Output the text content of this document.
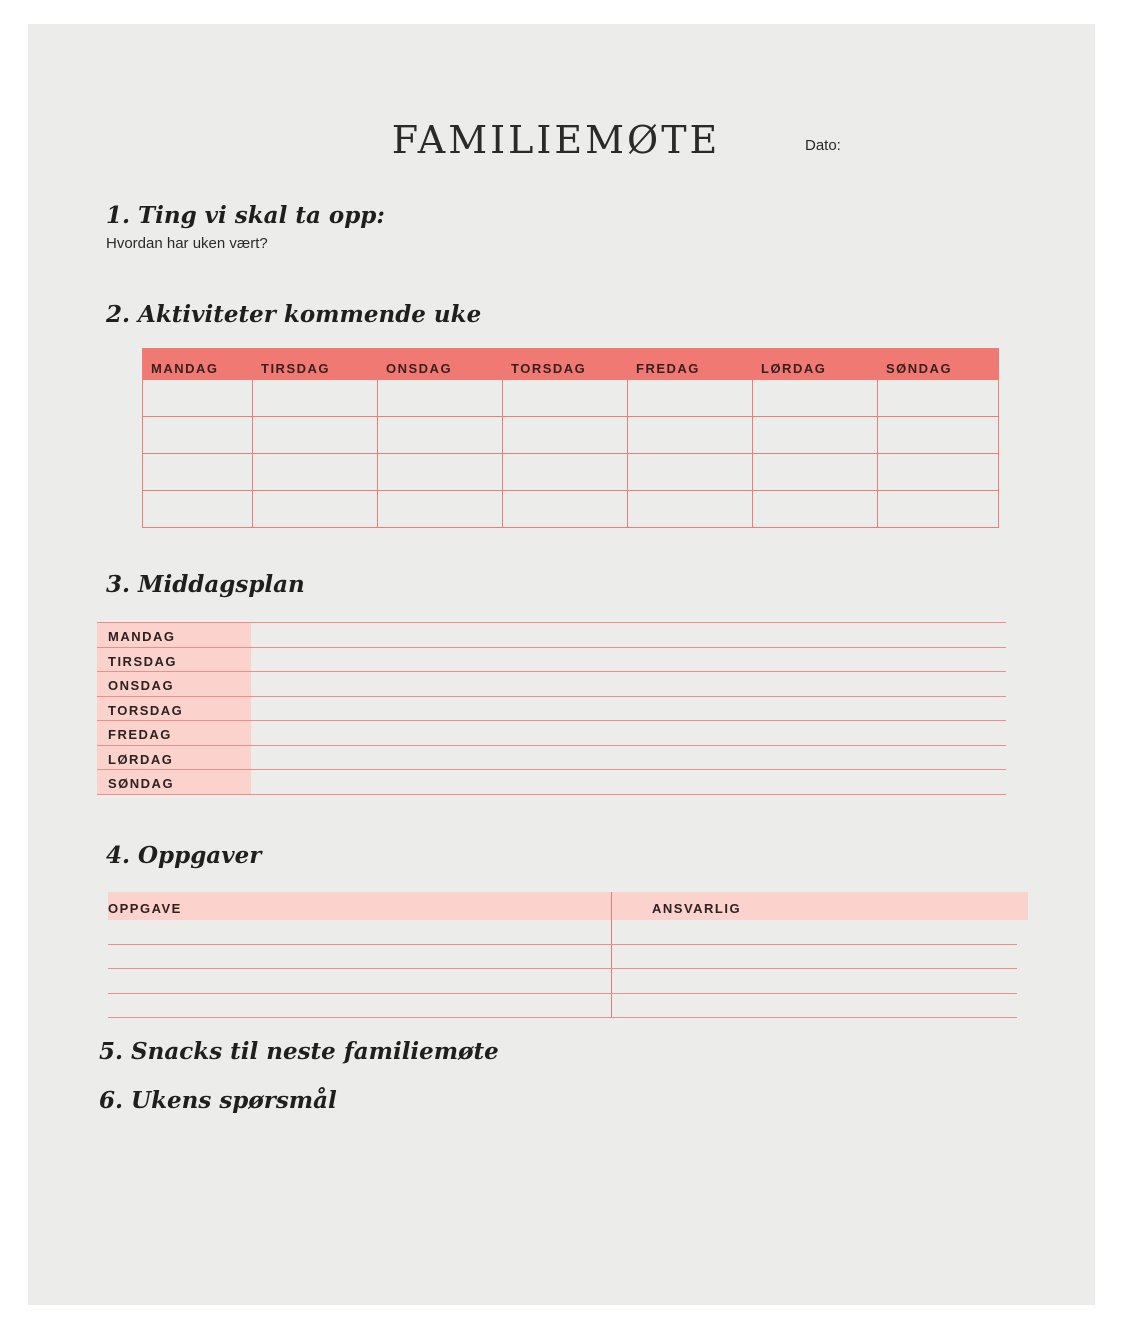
FAMILIEMØTE	Dato:
1. Ting vi skal ta opp:
Hvordan har uken vært?
2. Aktiviteter kommende uke
MANDAG	TIRSDAG	ONSDAG	TORSDAG	FREDAG	LØRDAG	SØNDAG

3. Middagsplan
MANDAG
TIRSDAG
ONSDAG
TORSDAG
FREDAG
LØRDAG
SØNDAG
4. Oppgaver
OPPGAVE	ANSVARLIG
5. Snacks til neste familiemøte
6. Ukens spørsmål
